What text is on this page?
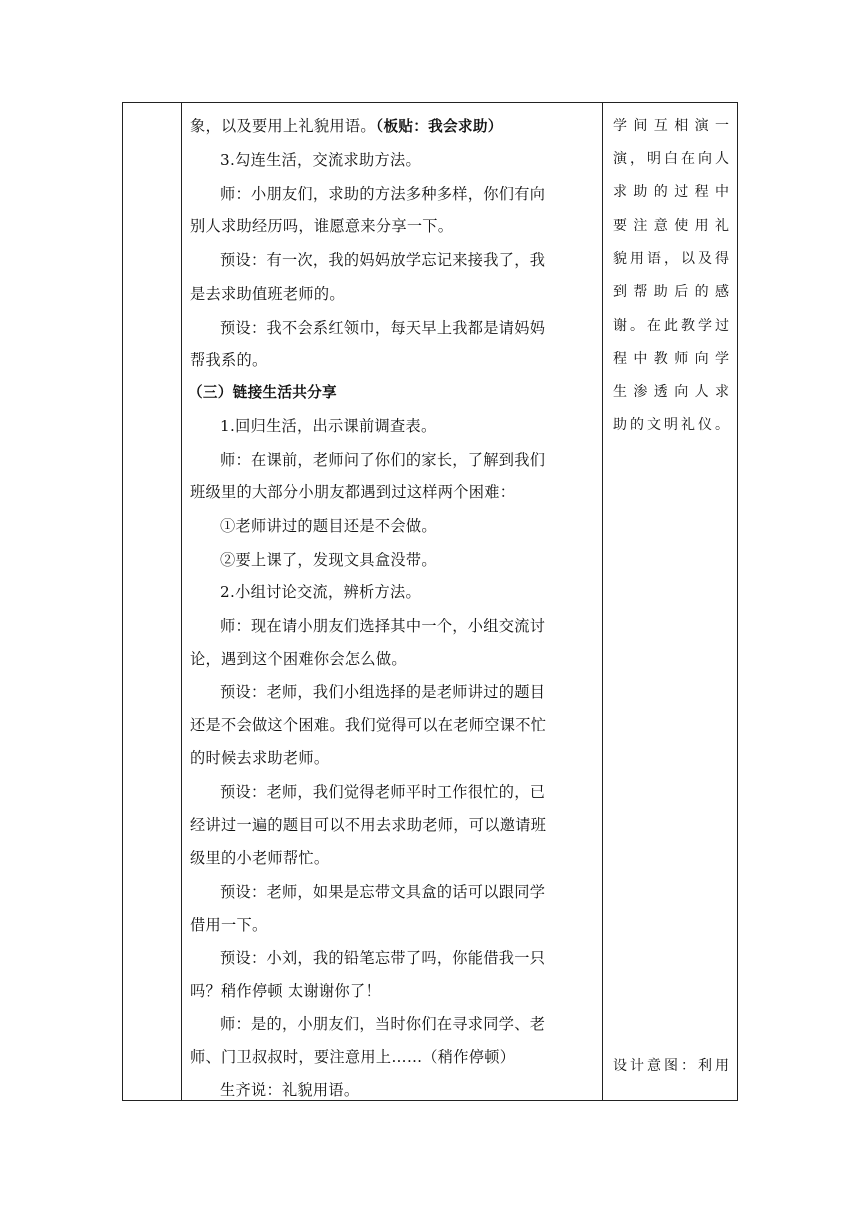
象，以及要用上礼貌用语。（板贴：我会求助）
3.勾连生活，交流求助方法。
师：小朋友们，求助的方法多种多样，你们有向
别人求助经历吗，谁愿意来分享一下。
预设：有一次，我的妈妈放学忘记来接我了，我
是去求助值班老师的。
预设：我不会系红领巾，每天早上我都是请妈妈
帮我系的。
（三）链接生活共分享
1.回归生活，出示课前调查表。
师：在课前，老师问了你们的家长，了解到我们
班级里的大部分小朋友都遇到过这样两个困难：
①老师讲过的题目还是不会做。
②要上课了，发现文具盒没带。
2.小组讨论交流，辨析方法。
师：现在请小朋友们选择其中一个，小组交流讨
论，遇到这个困难你会怎么做。
预设：老师，我们小组选择的是老师讲过的题目
还是不会做这个困难。我们觉得可以在老师空课不忙
的时候去求助老师。
预设：老师，我们觉得老师平时工作很忙的，已
经讲过一遍的题目可以不用去求助老师，可以邀请班
级里的小老师帮忙。
预设：老师，如果是忘带文具盒的话可以跟同学
借用一下。
预设：小刘，我的铅笔忘带了吗，你能借我一只
吗？稍作停顿 太谢谢你了！
师：是的，小朋友们，当时你们在寻求同学、老
师、门卫叔叔时，要注意用上……（稍作停顿）
生齐说：礼貌用语。
学间互相演一
演，明白在向人
求助的过程中
要注意使用礼
貌用语，以及得
到帮助后的感
谢。在此教学过
程中教师向学
生渗透向人求
助的文明礼仪。
设计意图：利用
